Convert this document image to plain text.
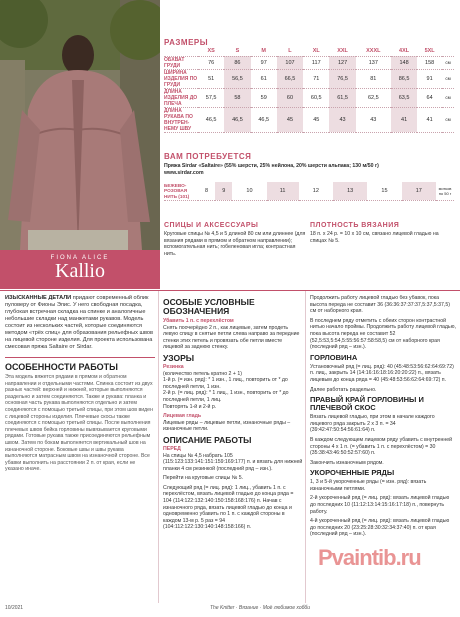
FIONA ALICE
Kallio
РАЗМЕРЫ
	XS	S	M	L	XL	XXL	XXXL	4XL	5XL	
ОБХВАТ ГРУДИ	76	86	97	107	117	127	137	148	158	см
ШИРИНА ИЗДЕЛИЯ ПО ГРУДИ	51	56,5	61	66,5	71	76,5	81	86,5	91	см
ДЛИНА ИЗДЕЛИЯ ДО ПЛЕЧА	57,5	58	59	60	60,5	61,5	62,5	63,5	64	см
ДЛИНА РУКАВА ПО ВНУТРЕН-НЕМУ ШВУ	46,5	46,5	46,5	45	45	43	43	41	41	см
ВАМ ПОТРЕБУЕТСЯ
Пряжа Sirdar «Saltaire» (55% шерсти, 25% нейлона, 20% шерсти альпака; 130 м/50 г)
www.sirdar.com
БЕЖЕВО-РОЗОВАЯ НИТЬ (101)	8	9	10	11	12	13	15	17	мотков по 50 г
СПИЦЫ И АКСЕССУАРЫ
Круговые спицы № 4,5 и 5 длиной 80 см или длиннее (для вязания рядами в прямом и обратном направлении); вспомогательная нить; гобеленовая игла; контрастная нить.
ПЛОТНОСТЬ ВЯЗАНИЯ
18 п. х 24 р. = 10 х 10 см, связано лицевой гладью на спицах № 5.

ИЗЫСКАННЫЕ ДЕТАЛИ придают современный облик пуловеру от Фионы Элис. У него свободная посадка, глубокая встречная складка на спинке и аналогичные небольшие складки над манжетами рукавов. Модель состоит из нескольких частей, которые соединяются методом «трёх спиц» для образования рельефных швов на лицевой стороне изделия. Для проекта использована смесовая пряжа Saltaire от Sirdar.

ОСОБЕННОСТИ РАБОТЫ

Эта модель вяжется рядами в прямом и обратном направлении и отдельными частями. Спинка состоит из двух разных частей: верхней и нижней, которые выполняются раздельно и затем соединяются. Также и рукава: планка и основная часть рукава выполняются отдельно и затем соединяются с помощью третьей спицы, при этом шов виден с лицевой стороны изделия. Плечевые скосы также соединяются с помощью третьей спицы. После выполнения плечевых швов бейка горловины вывязывается круговыми рядами. Готовые рукава также присоединяются рельефным швом. Затем по бокам выполняется вертикальный шов на изнаночной стороне. Боковые швы и швы рукава выполняются матрасным швом на изнаночной стороне. Все убавки выполнить на расстоянии 2 п. от края, если не указано иначе.

ОСОБЫЕ УСЛОВНЫЕ ОБОЗНАЧЕНИЯ
Убавить 1 п. с перехлёстом

Снять поочерёдно 2 п., как лицевые, затем продеть левую спицу в снятые петли слева направо за передние стенки этих петель и провязать обе петли вместе лицевой за заднюю стенку.

УЗОРЫ
Резинка

(количество петель кратно 2 + 1)

1-й р. (= изн. ряд): * 1 изн., 1 лиц., повторить от * до последней петли, 1 изн.

2-й р. (= лиц. ряд): * 1 лиц., 1 изн., повторить от * до последней петли, 1 лиц.

Повторять 1-й и 2-й р.

Лицевая гладь

Лицевые ряды – лицевые петли, изнаночные ряды – изнаночные петли.

ОПИСАНИЕ РАБОТЫ
ПЕРЕД

На спицы № 4,5 набрать 105 (115:123:133:141:151:159:169:177) п. и вязать для нижней планки 4 см резинкой (последний ряд – изн.).

Перейти на круговые спицы № 5.

Следующий ряд (= лиц. ряд): 1 лиц., убавить 1 п. с перехлёстом, вязать лицевой гладью до конца ряда = 104 (114:122:132:140:150:158:168:176) п. Начав с изнаночного ряда, вязать лицевой гладью до конца и одновременно убавить по 1 п. с каждой стороны в каждом 13-м р. 5 раз = 94 (104:112:122:130:140:148:158:166) п.

Продолжить работу лицевой гладью без убавок, пока высота переда не составит 36 (36:36:37:37:37,5:37,5:37,5) см от наборного края.

В последнем ряду отметить с обеих сторон контрастной нитью начало проймы. Продолжить работу лицевой гладью, пока высота переда не составит 52 (52,5:53,5:54,5:55:56:57:58:58,5) см от наборного края (последний ряд – изн.).

ГОРЛОВИНА

Установочный ряд (= лиц. ряд): 40 (45:48:53:56:62:64:69:72) п. лиц., закрыть 14 (14:16:16:18:16:20:20:22) п., вязать лицевым до конца ряда = 40 (45:48:53:56:62:64:69:72) п.

Далее работать раздельно.

ПРАВЫЙ КРАЙ ГОРЛОВИНЫ И ПЛЕЧЕВОЙ СКОС

Вязать лицевой гладью, при этом в начале каждого лицевого ряда закрыть 2 х 3 п. = 34 (39:42:47:50:54:56:61:64) п.

В каждом следующем лицевом ряду убавить с внутренней стороны 4 х 1 п. (= убавить 1 п. с перехлёстом) = 30 (35:38:43:46:50:52:57:60) п.

Закончить изнаночным рядом.

УКОРОЧЕННЫЕ РЯДЫ

1, 3 и 5-й укороченные ряды (= изн. ряд): вязать изнаночными петлями.

2-й укороченный ряд (= лиц. ряд): вязать лицевой гладью до последних 10 (11:12:13:14:15:16:17:18) п., повернуть работу.

4-й укороченный ряд (= лиц. ряд): вязать лицевой гладью до последних 20 (23:25:28:30:32:34:37:40) п. от края (последний ряд – изн.).

Pvaintib.ru
10/2021	The Knitter · Вязание · Моё любимое хобби
